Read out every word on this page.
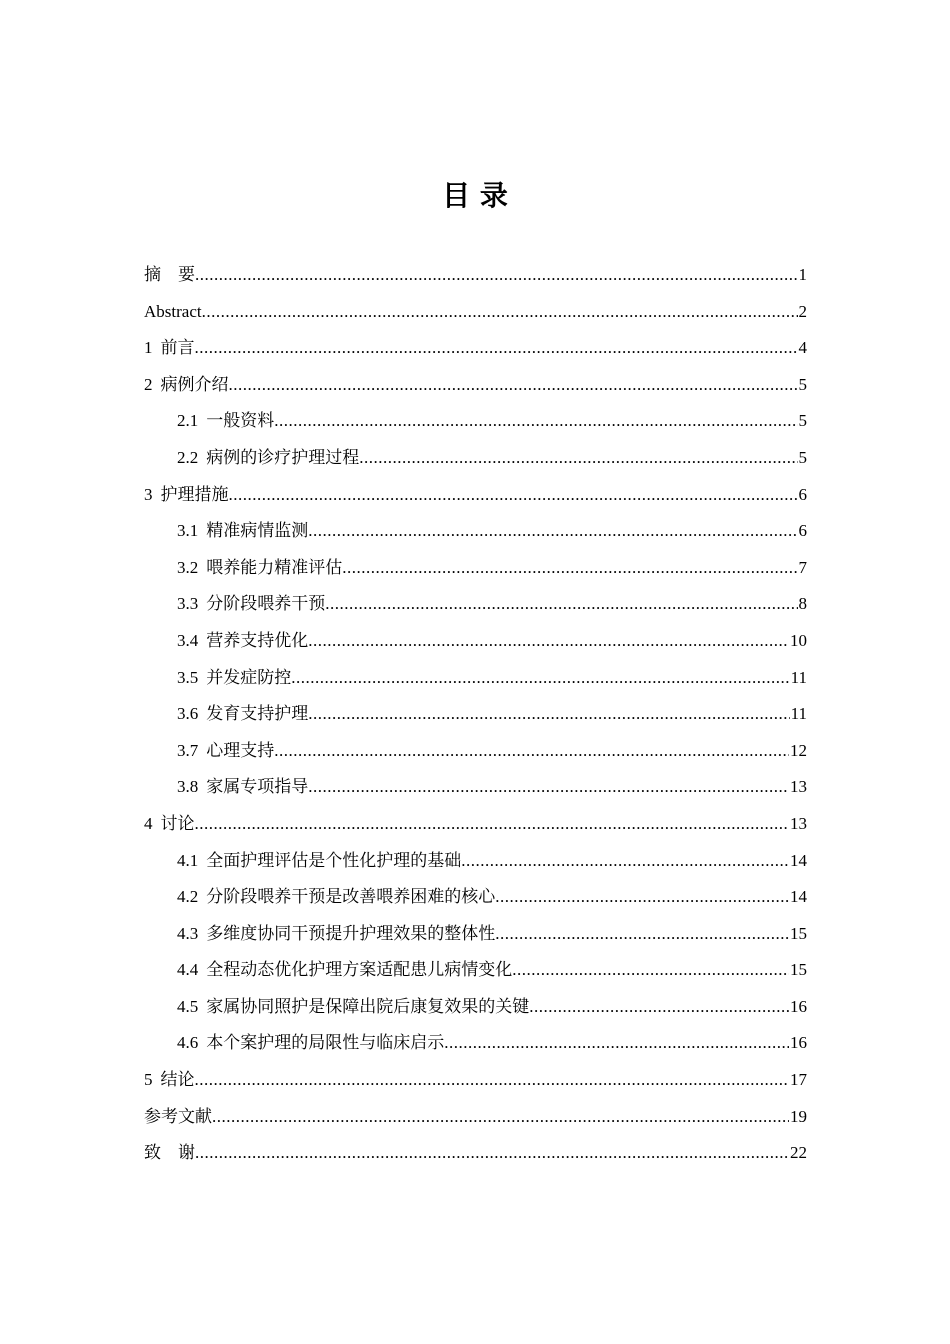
目 录
摘　要 .....	1
Abstract .....	2
1 前言 .....	4
2 病例介绍 .....	5
2.1 一般资料 .....	5
2.2 病例的诊疗护理过程 .....	5
3 护理措施 .....	6
3.1 精准病情监测 .....	6
3.2 喂养能力精准评估 .....	7
3.3 分阶段喂养干预 .....	8
3.4 营养支持优化 .....	10
3.5 并发症防控 .....	11
3.6 发育支持护理 .....	11
3.7 心理支持 .....	12
3.8 家属专项指导 .....	13
4 讨论 .....	13
4.1 全面护理评估是个性化护理的基础 .....	14
4.2 分阶段喂养干预是改善喂养困难的核心 .....	14
4.3 多维度协同干预提升护理效果的整体性 .....	15
4.4 全程动态优化护理方案适配患儿病情变化 .....	15
4.5 家属协同照护是保障出院后康复效果的关键 .....	16
4.6 本个案护理的局限性与临床启示 .....	16
5 结论 .....	17
参考文献 .....	19
致　谢 .....	22
